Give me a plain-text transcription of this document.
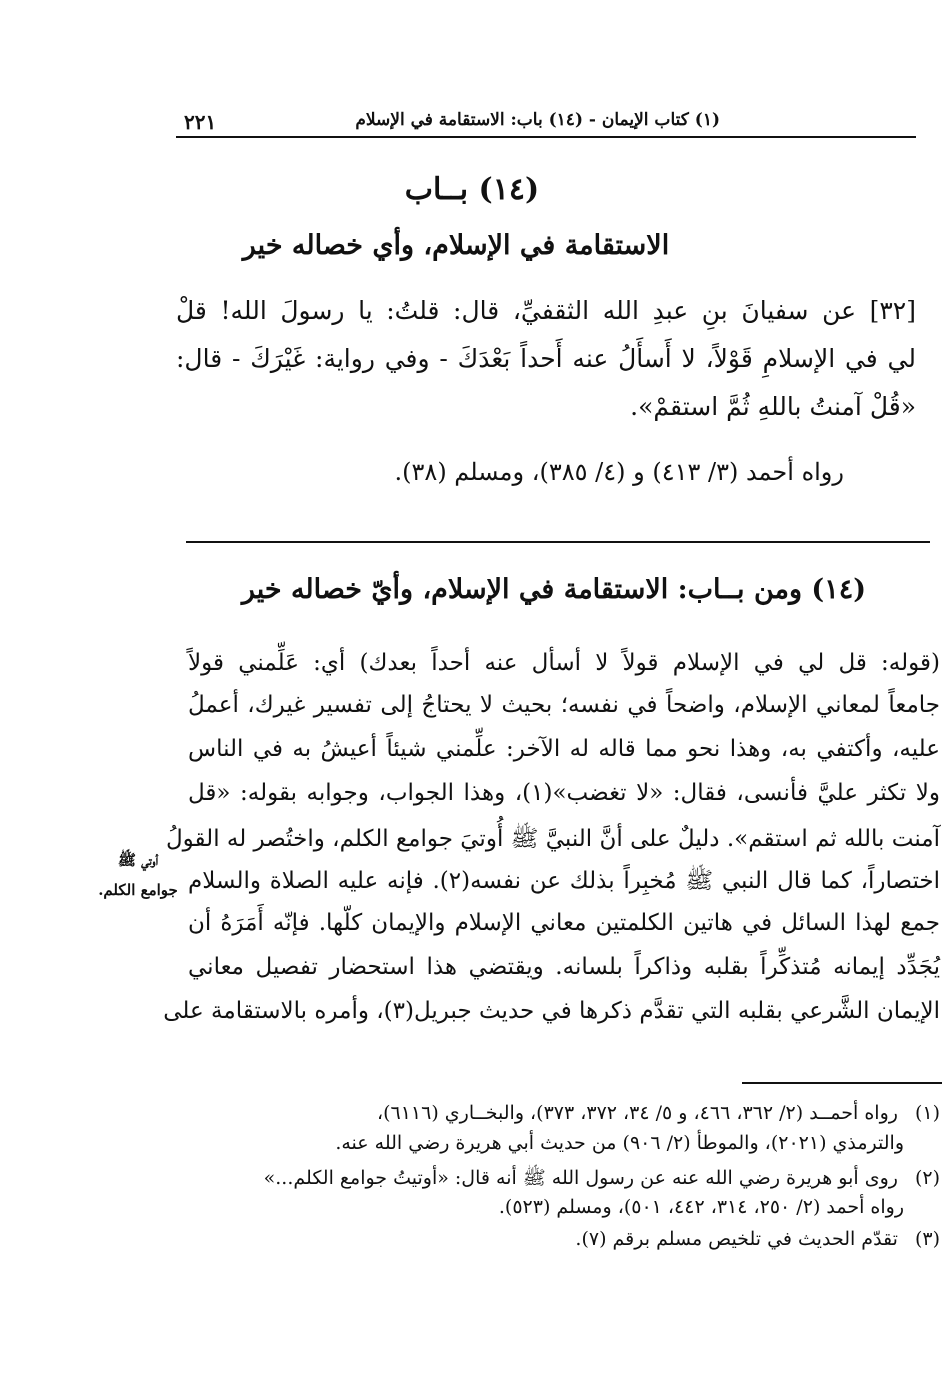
(١) كتاب الإيمان - (١٤) باب: الاستقامة في الإسلام
٢٢١
(١٤) بــاب
الاستقامة في الإسلام، وأي خصاله خير
[٣٢] عن سفيانَ بنِ عبدِ الله الثقفيِّ، قال: قلتُ: يا رسولَ الله! قلْ
لي في الإسلامِ قَوْلاً، لا أَسأَلُ عنه أَحداً بَعْدَكَ - وفي رواية: غَيْرَكَ - قال:
«قُلْ آمنتُ باللهِ ثُمَّ استقمْ».
رواه أحمد (٣/ ٤١٣) و (٤/ ٣٨٥)، ومسلم (٣٨).
(١٤) ومن بــاب: الاستقامة في الإسلام، وأيّ خصاله خير
(قوله: قل لي في الإسلام قولاً لا أسأل عنه أحداً بعدك) أي: عَلِّمني قولاً
جامعاً لمعاني الإسلام، واضحاً في نفسه؛ بحيث لا يحتاجُ إلى تفسير غيرك، أعملُ
عليه، وأكتفي به، وهذا نحو مما قاله له الآخر: علِّمني شيئاً أعيشُ به في الناس
ولا تكثر عليَّ فأنسى، فقال: «لا تغضب»(١)، وهذا الجواب، وجوابه بقوله: «قل
آمنت بالله ثم استقم». دليلٌ على أنَّ النبيَّ ﷺ أُوتيَ جوامع الكلم، واختُصر له القولُ
اختصاراً، كما قال النبي ﷺ مُخبِراً بذلك عن نفسه(٢). فإنه عليه الصلاة والسلام
جمع لهذا السائل في هاتين الكلمتين معاني الإسلام والإيمان كلّها. فإنّه أَمَرَهُ أن
يُجَدِّد إيمانه مُتذكِّراً بقلبه وذاكراً بلسانه. ويقتضي هذا استحضار تفصيل معاني
الإيمان الشَّرعي بقلبه التي تقدَّم ذكرها في حديث جبريل(٣)، وأمره بالاستقامة على
أوتي ﷺ
جوامع الكلم.
(١) رواه أحمــد (٢/ ٣٦٢، ٤٦٦، و ٥/ ٣٤، ٣٧٢، ٣٧٣)، والبخــاري (٦١١٦)،
والترمذي (٢٠٢١)، والموطأ (٢/ ٩٠٦) من حديث أبي هريرة رضي الله عنه.
(٢) روى أبو هريرة رضي الله عنه عن رسول الله ﷺ أنه قال: «أوتيتُ جوامع الكلم...»
رواه أحمد (٢/ ٢٥٠، ٣١٤، ٤٤٢، ٥٠١)، ومسلم (٥٢٣).
(٣) تقدّم الحديث في تلخيص مسلم برقم (٧).
